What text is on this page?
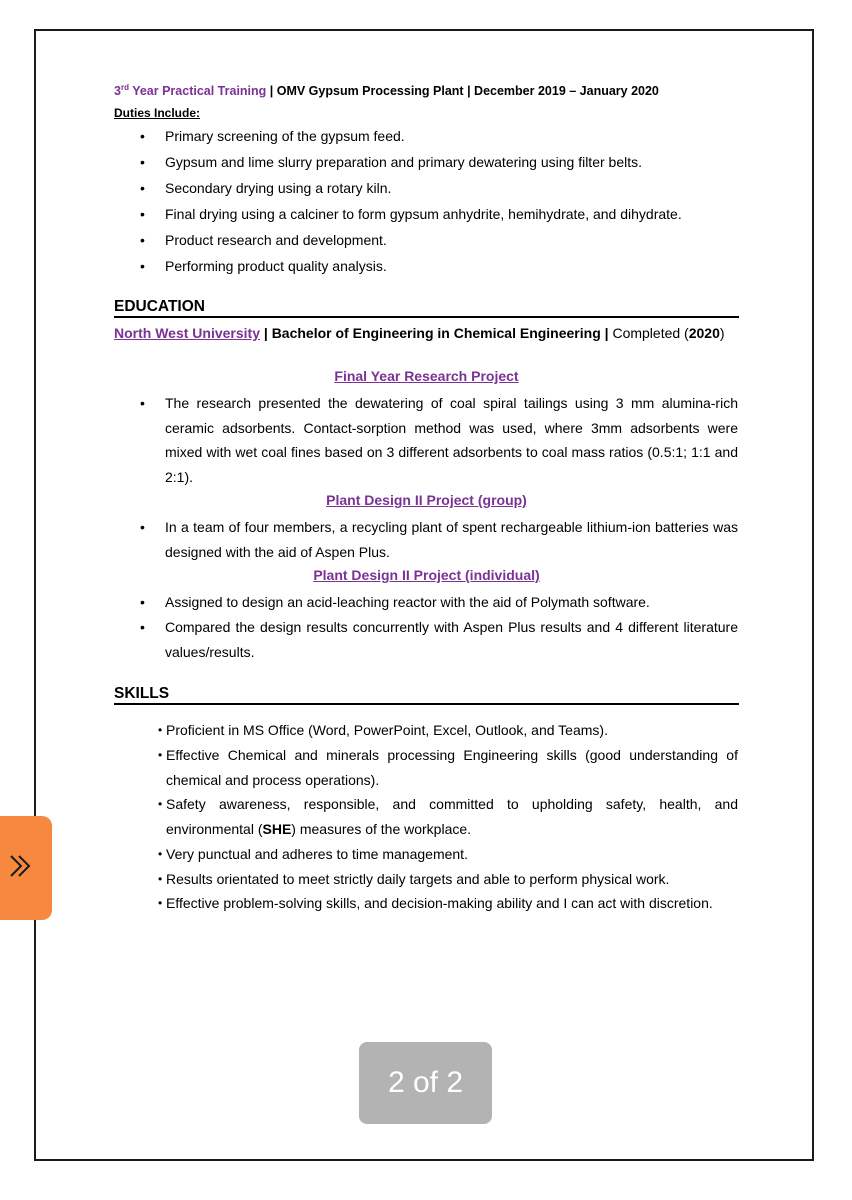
3rd Year Practical Training | OMV Gypsum Processing Plant | December 2019 – January 2020
Duties Include:
• Primary screening of the gypsum feed.
• Gypsum and lime slurry preparation and primary dewatering using filter belts.
• Secondary drying using a rotary kiln.
• Final drying using a calciner to form gypsum anhydrite, hemihydrate, and dihydrate.
• Product research and development.
• Performing product quality analysis.
EDUCATION
North West University | Bachelor of Engineering in Chemical Engineering | Completed (2020)
Final Year Research Project
• The research presented the dewatering of coal spiral tailings using 3 mm alumina-rich ceramic adsorbents. Contact-sorption method was used, where 3mm adsorbents were mixed with wet coal fines based on 3 different adsorbents to coal mass ratios (0.5:1; 1:1 and 2:1).
Plant Design II Project (group)
• In a team of four members, a recycling plant of spent rechargeable lithium-ion batteries was designed with the aid of Aspen Plus.
Plant Design II Project (individual)
• Assigned to design an acid-leaching reactor with the aid of Polymath software.
• Compared the design results concurrently with Aspen Plus results and 4 different literature values/results.
SKILLS
• Proficient in MS Office (Word, PowerPoint, Excel, Outlook, and Teams).
• Effective Chemical and minerals processing Engineering skills (good understanding of chemical and process operations).
• Safety awareness, responsible, and committed to upholding safety, health, and environmental (SHE) measures of the workplace.
• Very punctual and adheres to time management.
• Results orientated to meet strictly daily targets and able to perform physical work.
• Effective problem-solving skills, and decision-making ability and I can act with discretion.
2 of 2
